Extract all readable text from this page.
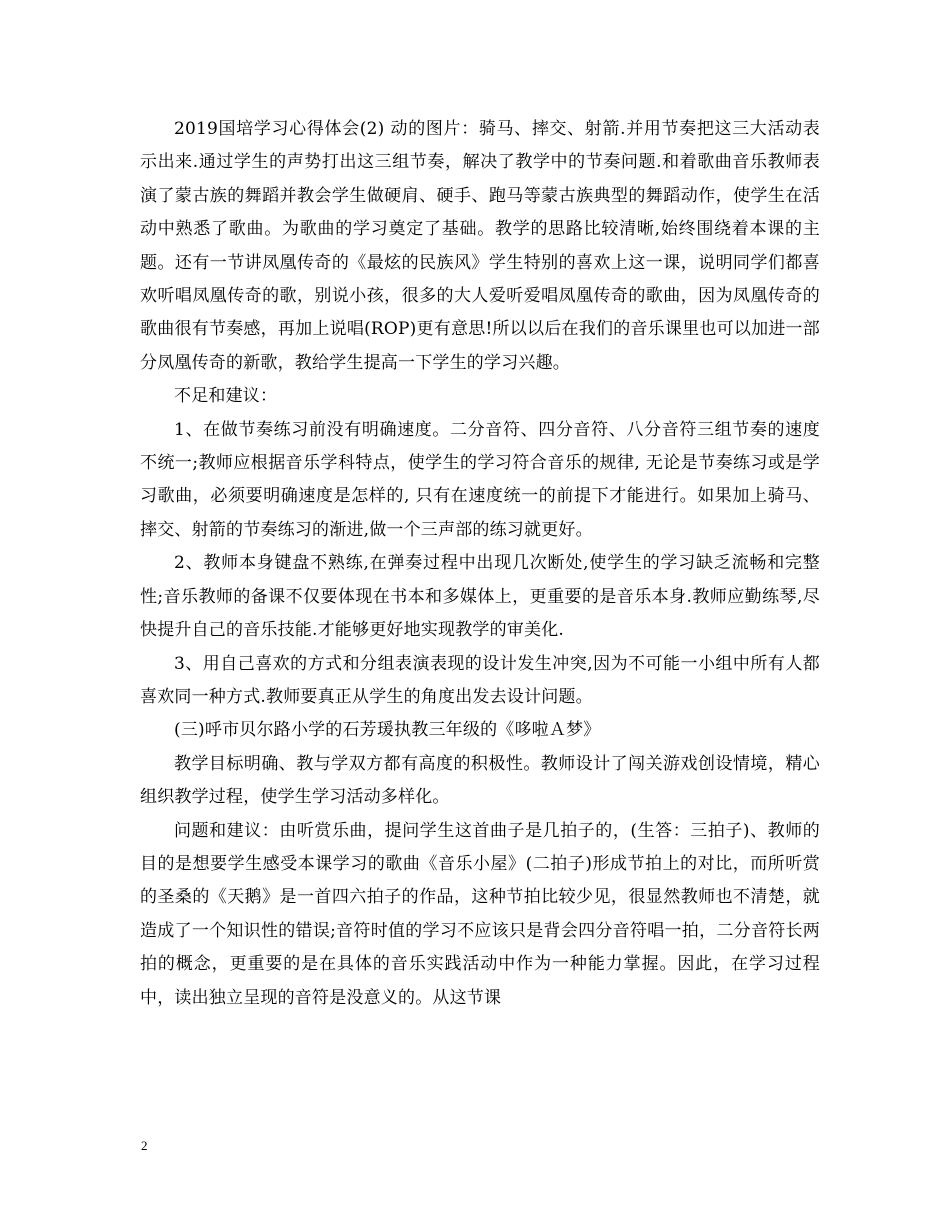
2019国培学习心得体会(2) 动的图片：骑马、摔交、射箭.并用节奏把这三大活动表示出来.通过学生的声势打出这三组节奏，解决了教学中的节奏问题.和着歌曲音乐教师表演了蒙古族的舞蹈并教会学生做硬肩、硬手、跑马等蒙古族典型的舞蹈动作，使学生在活动中熟悉了歌曲。为歌曲的学习奠定了基础。教学的思路比较清晰,始终围绕着本课的主题。还有一节讲凤凰传奇的《最炫的民族风》学生特别的喜欢上这一课，说明同学们都喜欢听唱凤凰传奇的歌，别说小孩，很多的大人爱听爱唱凤凰传奇的歌曲，因为凤凰传奇的歌曲很有节奏感，再加上说唱(ROP)更有意思!所以以后在我们的音乐课里也可以加进一部分凤凰传奇的新歌，教给学生提高一下学生的学习兴趣。

不足和建议：

1、在做节奏练习前没有明确速度。二分音符、四分音符、八分音符三组节奏的速度不统一;教师应根据音乐学科特点，使学生的学习符合音乐的规律, 无论是节奏练习或是学习歌曲，必须要明确速度是怎样的, 只有在速度统一的前提下才能进行。如果加上骑马、摔交、射箭的节奏练习的渐进,做一个三声部的练习就更好。

2、教师本身键盘不熟练,在弹奏过程中出现几次断处,使学生的学习缺乏流畅和完整性;音乐教师的备课不仅要体现在书本和多媒体上，更重要的是音乐本身.教师应勤练琴,尽快提升自己的音乐技能.才能够更好地实现教学的审美化.

3、用自己喜欢的方式和分组表演表现的设计发生冲突,因为不可能一小组中所有人都喜欢同一种方式.教师要真正从学生的角度出发去设计问题。

(三)呼市贝尔路小学的石芳瑗执教三年级的《哆啦Ａ梦》

教学目标明确、教与学双方都有高度的积极性。教师设计了闯关游戏创设情境，精心组织教学过程，使学生学习活动多样化。

问题和建议：由听赏乐曲，提问学生这首曲子是几拍子的，(生答：三拍子)、教师的目的是想要学生感受本课学习的歌曲《音乐小屋》(二拍子)形成节拍上的对比，而所听赏的圣桑的《天鹅》是一首四六拍子的作品，这种节拍比较少见，很显然教师也不清楚，就造成了一个知识性的错误;音符时值的学习不应该只是背会四分音符唱一拍，二分音符长两拍的概念，更重要的是在具体的音乐实践活动中作为一种能力掌握。因此，在学习过程中，读出独立呈现的音符是没意义的。从这节课

2
